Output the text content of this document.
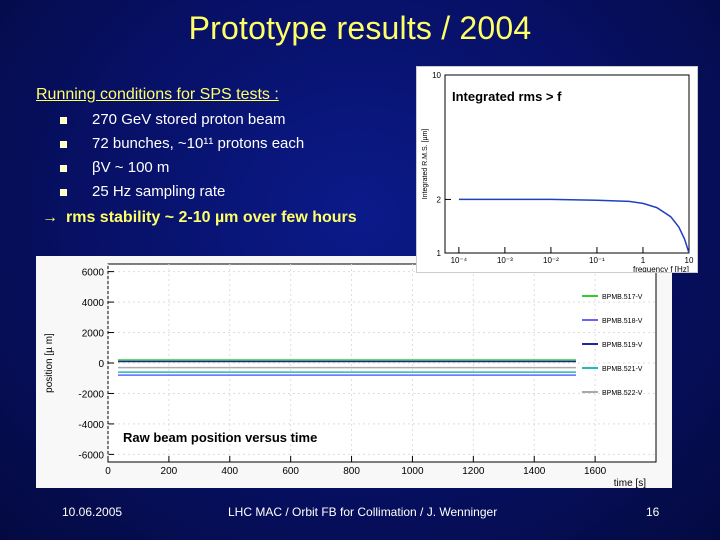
Prototype results / 2004
Running conditions for SPS tests :
270 GeV stored proton beam
72 bunches, ~10¹¹ protons each
βV ~ 100 m
25 Hz sampling rate
→ rms stability ~ 2-10 µm over few hours
6000
4000
2000
0
-2000
-4000
-6000
0	200	400	600	800	1000	1200	1400	1600
time [s]
position [µ m]
BPMB.517-V
BPMB.518-V
BPMB.519-V
BPMB.521-V
BPMB.522-V
Raw beam position versus time
10⁻⁴	10⁻³	10⁻²	10⁻¹	1	10
1
2
10
frequency f [Hz]
Integrated R.M.S. [µm]
Integrated rms > f
10.06.2005	LHC MAC / Orbit FB for Collimation / J. Wenninger	16
